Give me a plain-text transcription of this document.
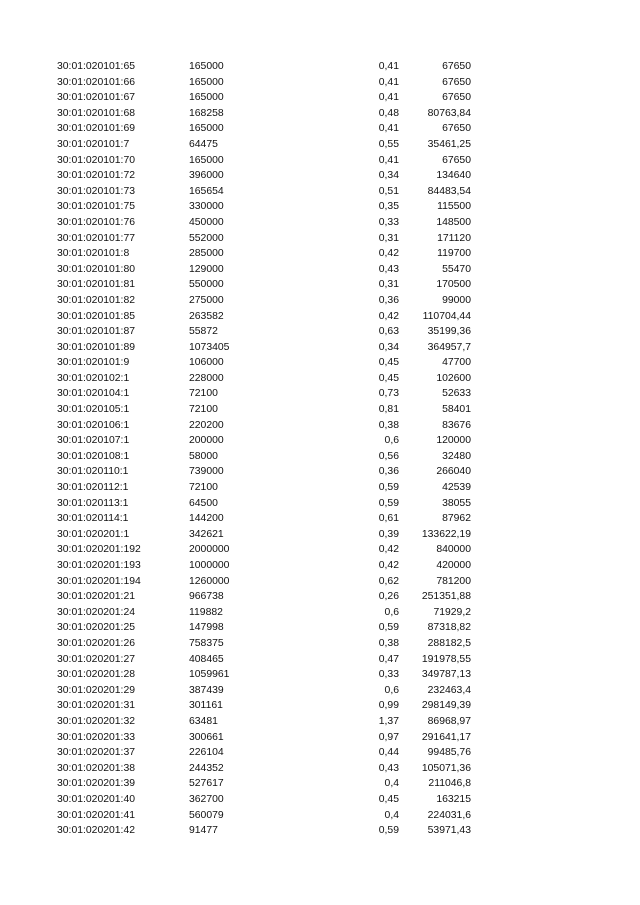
30:01:020101:65	165000	0,41	67650
30:01:020101:66	165000	0,41	67650
30:01:020101:67	165000	0,41	67650
30:01:020101:68	168258	0,48	80763,84
30:01:020101:69	165000	0,41	67650
30:01:020101:7	64475	0,55	35461,25
30:01:020101:70	165000	0,41	67650
30:01:020101:72	396000	0,34	134640
30:01:020101:73	165654	0,51	84483,54
30:01:020101:75	330000	0,35	115500
30:01:020101:76	450000	0,33	148500
30:01:020101:77	552000	0,31	171120
30:01:020101:8	285000	0,42	119700
30:01:020101:80	129000	0,43	55470
30:01:020101:81	550000	0,31	170500
30:01:020101:82	275000	0,36	99000
30:01:020101:85	263582	0,42 110704,44
30:01:020101:87	55872	0,63	35199,36
30:01:020101:89	1073405	0,34	364957,7
30:01:020101:9	106000	0,45	47700
30:01:020102:1	228000	0,45	102600
30:01:020104:1	72100	0,73	52633
30:01:020105:1	72100	0,81	58401
30:01:020106:1	220200	0,38	83676
30:01:020107:1	200000	0,6	120000
30:01:020108:1	58000	0,56	32480
30:01:020110:1	739000	0,36	266040
30:01:020112:1	72100	0,59	42539
30:01:020113:1	64500	0,59	38055
30:01:020114:1	144200	0,61	87962
30:01:020201:1	342621	0,39 133622,19
30:01:020201:192	2000000	0,42	840000
30:01:020201:193	1000000	0,42	420000
30:01:020201:194	1260000	0,62	781200
30:01:020201:21	966738	0,26 251351,88
30:01:020201:24	119882	0,6	71929,2
30:01:020201:25	147998	0,59	87318,82
30:01:020201:26	758375	0,38	288182,5
30:01:020201:27	408465	0,47 191978,55
30:01:020201:28	1059961	0,33 349787,13
30:01:020201:29	387439	0,6	232463,4
30:01:020201:31	301161	0,99 298149,39
30:01:020201:32	63481	1,37	86968,97
30:01:020201:33	300661	0,97 291641,17
30:01:020201:37	226104	0,44	99485,76
30:01:020201:38	244352	0,43 105071,36
30:01:020201:39	527617	0,4	211046,8
30:01:020201:40	362700	0,45	163215
30:01:020201:41	560079	0,4	224031,6
30:01:020201:42	91477	0,59	53971,43
